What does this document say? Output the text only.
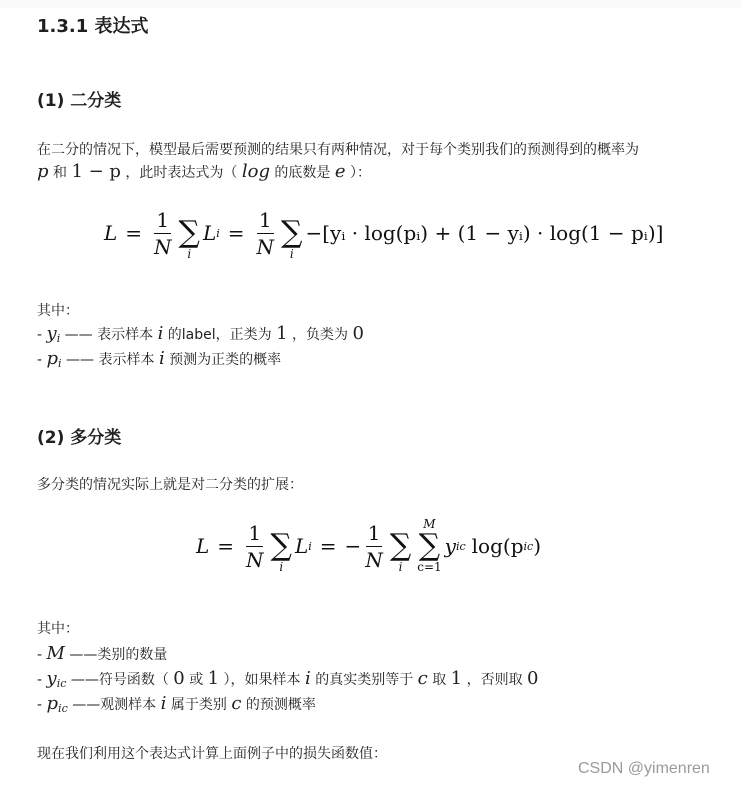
1.3.1 表达式
(1) 二分类
在二分的情况下，模型最后需要预测的结果只有两种情况，对于每个类别我们的预测得到的概率为
p 和 1 − p ，此时表达式为（ log 的底数是 e ）：
$L = \frac{1}{N}$ ∑
i
L $i = \frac{1}{N}$ ∑
i
−[yᵢ · log(pᵢ) + (1 − yᵢ) · log(1 − pᵢ)]
其中：
- $y_i$ —— 表示样本 i 的label，正类为 1 ，负类为 0
- $p_i$ —— 表示样本 i 预测为正类的概率
(2) 多分类
多分类的情况实际上就是对二分类的扩展：
$L = \frac{1}{N}$ ∑
i
L i = − $\frac{1}{N}$ ∑
i
M
∑
c=1
y ic log(p ic )
其中：
- M ——类别的数量
- $y_{ic}$ ——符号函数（ 0 或 1 ），如果样本 i 的真实类别等于 c 取 1 ，否则取 0
- $p_{ic}$ ——观测样本 i 属于类别 c 的预测概率
现在我们利用这个表达式计算上面例子中的损失函数值：
CSDN @yimenren
